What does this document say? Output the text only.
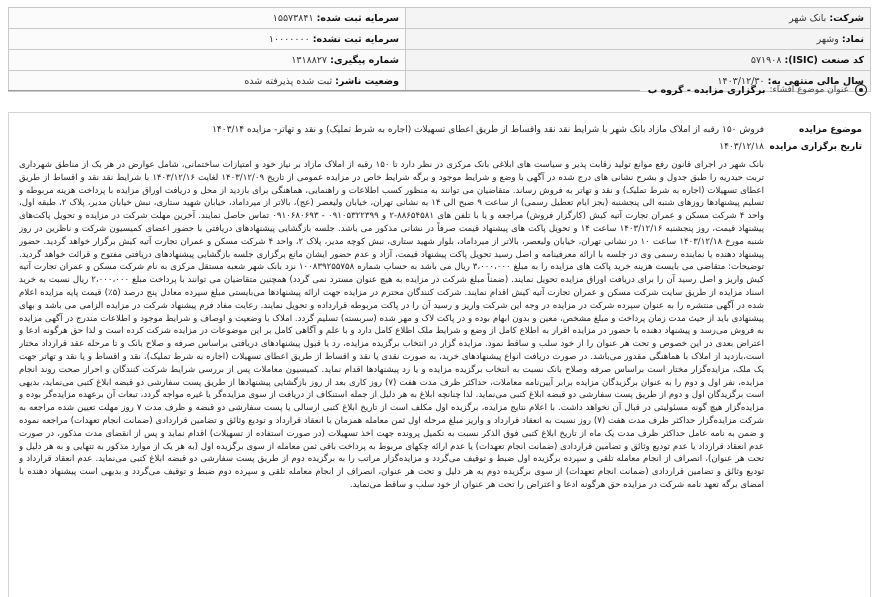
شرکت: بانک شهر	سرمایه ثبت شده: ۱۵۵۷۳۸۴۱
نماد: وشهر	سرمایه ثبت نشده: ۱۰۰۰۰۰۰۰
کد صنعت (ISIC): ۵۷۱۹۰۸	شماره پیگیری: ۱۳۱۸۸۲۷
سال مالی منتهی به: ۱۴۰۳/۱۲/۳۰	وضعیت ناشر: ثبت شده پذیرفته شده
عنوان موضوع افشاء:
برگزاری مزایده - گروه ب
موضوع مزایده
فروش ۱۵۰ رقبه از املاک مازاد بانک شهر با شرایط نقد نقد واقساط از طریق اعطای تسهیلات (اجاره به شرط تملیک) و نقد و تهاتر- مزایده ۱۴۰۳/۱۴
تاریخ برگزاری مزایده
۱۴۰۳/۱۲/۱۸

بانک شهر در اجرای قانون رفع موانع تولید رقابت پذیر و سیاست های ابلاغی بانک مرکزی در نظر دارد تا ۱۵۰ رقبه از املاک مازاد بر نیاز خود و امتیازات ساختمانی، شامل عوارض در هر یک از مناطق شهرداری تربت حیدریه را طبق جدول و بشرح نشانی های درج شده در آگهی با وضع و شرایط موجود و برگه شرایط خاص در مزایده عمومی از تاریخ ۱۴۰۳/۱۲/۰۹ لغایت ۱۴۰۳/۱۲/۱۶ با شرایط نقد نقد و اقساط از طریق اعطای تسهیلات (اجاره به شرط تملیک) و نقد و تهاتر به فروش رساند. متقاضیان می توانند به منظور کسب اطلاعات و راهنمایی، هماهنگی برای بازدید از محل و دریافت اوراق مزایده با پرداخت هزینه مربوطه و تسلیم پیشنهادها روزهای شنبه الی پنجشنبه (بجز ایام تعطیل رسمی) از ساعت ۹ صبح الی ۱۴ به نشانی تهران، خیابان ولیعصر (عج)، بالاتر از میرداماد، خیابان شهید ستاری، نبش خیابان مدیر، پلاک ۲، طبقه اول، واحد ۴ شرکت مسکن و عمران تجارت آتیه کیش (کارگزار فروش) مراجعه و یا با تلفن های ۸۸۶۵۴۵۸۱-۲ و ۰۹۱۰۵۳۲۲۳۹۹ - ۰۹۱۰۶۸۰۶۹۳ تماس حاصل نمایند. آخرین مهلت شرکت در مزایده و تحویل پاکت‌های پیشنهاد قیمت، روز پنجشنبه ۱۴۰۳/۱۲/۱۶ ساعت ۱۴ و تحویل پاکت های پیشنهاد قیمت صرفاً در نشانی مذکور می باشد. جلسه بازگشایی پیشنهادهای دریافتی با حضور اعضای کمیسیون شرکت و ناظرین در روز شنبه مورخ ۱۴۰۳/۱۲/۱۸ ساعت ۱۰ در نشانی تهران، خیابان ولیعصر، بالاتر از میرداماد، بلوار شهید ستاری، نبش کوچه مدیر، پلاک ۲، واحد ۴ شرکت مسکن و عمران تجارت آتیه کیش برگزار خواهد گردید. حضور پیشنهاد دهنده یا نماینده رسمی وی در جلسه با ارائه معرفینامه و اصل رسید تحویل پاکت پیشنهاد قیمت، آزاد و عدم حضور ایشان مانع برگزاری جلسه بازگشایی پیشنهادهای دریافتی مفتوح و قرائت خواهد گردید. توضیحات: متقاضی می بایست هزینه خرید پاکت های مزایده را به مبلغ ۳،۰۰۰،۰۰۰ ریال می باشد به حساب شماره ۱۰۰۸۳۹۲۵۵۷۵۸ نزد بانک شهر شعبه مستقل مرکزی به نام شرکت مسکن و عمران تجارت آتیه کیش واریز و اصل رسید آن را برای دریافت اوراق مزایده تحویل نمایند. (ضمناً مبلغ شرکت در مزایده به هیچ عنوان مسترد نمی گردد) همچنین متقاضیان می توانند با پرداخت مبلغ ۲،۰۰۰،۰۰۰ ریال نسبت به خرید اسناد مزایده از طریق سایت شرکت مسکن و عمران تجارت آتیه کیش اقدام نمایند. شرکت کنندگان محترم در مزایده جهت ارائه پیشنهادها می‌بایستی مبلغ سپرده معادل پنج درصد (۵٪) قیمت پایه مزایده اعلام شده در آگهی منتشره را به عنوان سپرده شرکت در مزایده در وجه این شرکت واریز و رسید آن را در پاکت مربوطه قرارداده و تحویل نمایند. رعایت مفاد فرم پیشنهاد شرکت در مزایده الزامی می باشد و بهای پیشنهادی باید از حیث مدت زمان پرداخت و مبلغ مشخص، معین و بدون ابهام بوده و در پاکت لاک و مهر شده (سربسته) تسلیم گردد. املاک با وضعیت و اوصاف و شرایط موجود و اطلاعات مندرج در آگهی مزایده به فروش می‌رسد و پیشنهاد دهنده با حضور در مزایده اقرار به اطلاع کامل از وضع و شرایط ملک اطلاع کامل دارد و با علم و آگاهی کامل بر این موضوعات در مزایده شرکت کرده است و لذا حق هرگونه ادعا و اعتراض بعدی در این خصوص و تحت هر عنوان را از خود سلب و ساقط نمود. مزایده گزار در انتخاب برگزیده مزایده، رد یا قبول پیشنهادهای دریافتی براساس صرفه و صلاح بانک و تا مرحله عقد قرارداد مختار است،بازدید از املاک با هماهنگی مقدور می‌باشد. در صورت دریافت انواع پیشنهادهای خرید، به صورت نقدی یا نقد و اقساط از طریق اعطای تسهیلات (اجاره به شرط تملیک)، نقد و اقساط و یا نقد و تهاتر جهت یک ملک، مزایده‌گزار مختار است براساس صرفه وصلاح بانک نسبت به انتخاب برگزیده مزایده و یا رد پیشنهادها اقدام نماید. کمیسیون معاملات پس از بررسی شرایط شرکت کنندگان و احراز صحت روند انجام مزایده، نفر اول و دوم را به عنوان برگزیدگان مزایده برابر آیین‌نامه معاملات، حداکثر ظرف مدت هفت (۷) روز کاری بعد از روز بازگشایی پیشنهادها از طریق پست سفارشی دو قبضه ابلاغ کتبی می‌نماید، بدیهی است برگزیدگان اول و دوم از طریق پست سفارشی دو قبضه ابلاغ کتبی می‌نماید. لذا چنانچه ابلاغ به هر دلیل از جمله استنکاف از دریافت از سوی مزایده‌گر یا غیره مواجه گردد، تبعات آن برعهده مزایده‌گر بوده و مزایده‌گزار هیچ گونه مسئولیتی در قبال آن نخواهد داشت. با اعلام نتایج مزایده، برگزیده اول مکلف است از تاریخ ابلاغ کتبی ارسالی یا پست سفارشی دو قبضه و ظرف مدت ۷ روز مهلت تعیین شده مراجعه به شرکت مزایده‌گزار حداکثر ظرف مدت هفت (۷) روز نسبت به انعقاد قرارداد و واریز مبلغ مرحله اول ثمن معامله همزمان با انعقاد قرارداد و تودیع وثائق و تضامین قراردادی (ضمانت انجام تعهدات) مراجعه نموده و ضمن به نامه عامل حداکثر ظرف مدت یک ماه از تاریخ ابلاغ کتبی فوق الذکر نسبت به تکمیل پرونده جهت اخذ تسهیلات (در صورت استفاده از تسهیلات) اقدام نماید و پس از انقضای مدت مذکور، در صورت عدم انعقاد قرارداد یا عدم تودیع وثائق و تضامین قراردادی (ضمانت انجام تعهدات) یا عدم ارائه چکهای مربوط به پرداخت باقی ثمن معامله از سوی برگزیده اول (به هر یک از موارد مذکور به تنهایی و به هر دلیل و تحت هر عنوان)، انصراف از انجام معامله تلقی و سپرده برگزیده اول ضبط و توقیف می‌گردد و مزایده‌گزار مراتب را به برگزیده دوم از طریق پست سفارشی دو قبضه ابلاغ کتبی می‌نماید. عدم انعقاد قرارداد و تودیع وثائق و تضامین قراردادی (ضمانت انجام تعهدات) از سوی برگزیده دوم به هر دلیل و تحت هر عنوان، انصراف از انجام معامله تلقی و سپرده دوم ضبط و توقیف می‌گردد و بدیهی است پیشنهاد دهنده با امضای برگه تعهد نامه شرکت در مزایده حق هرگونه ادعا و اعتراض را تحت هر عنوان از خود سلب و ساقط می‌نماید.
